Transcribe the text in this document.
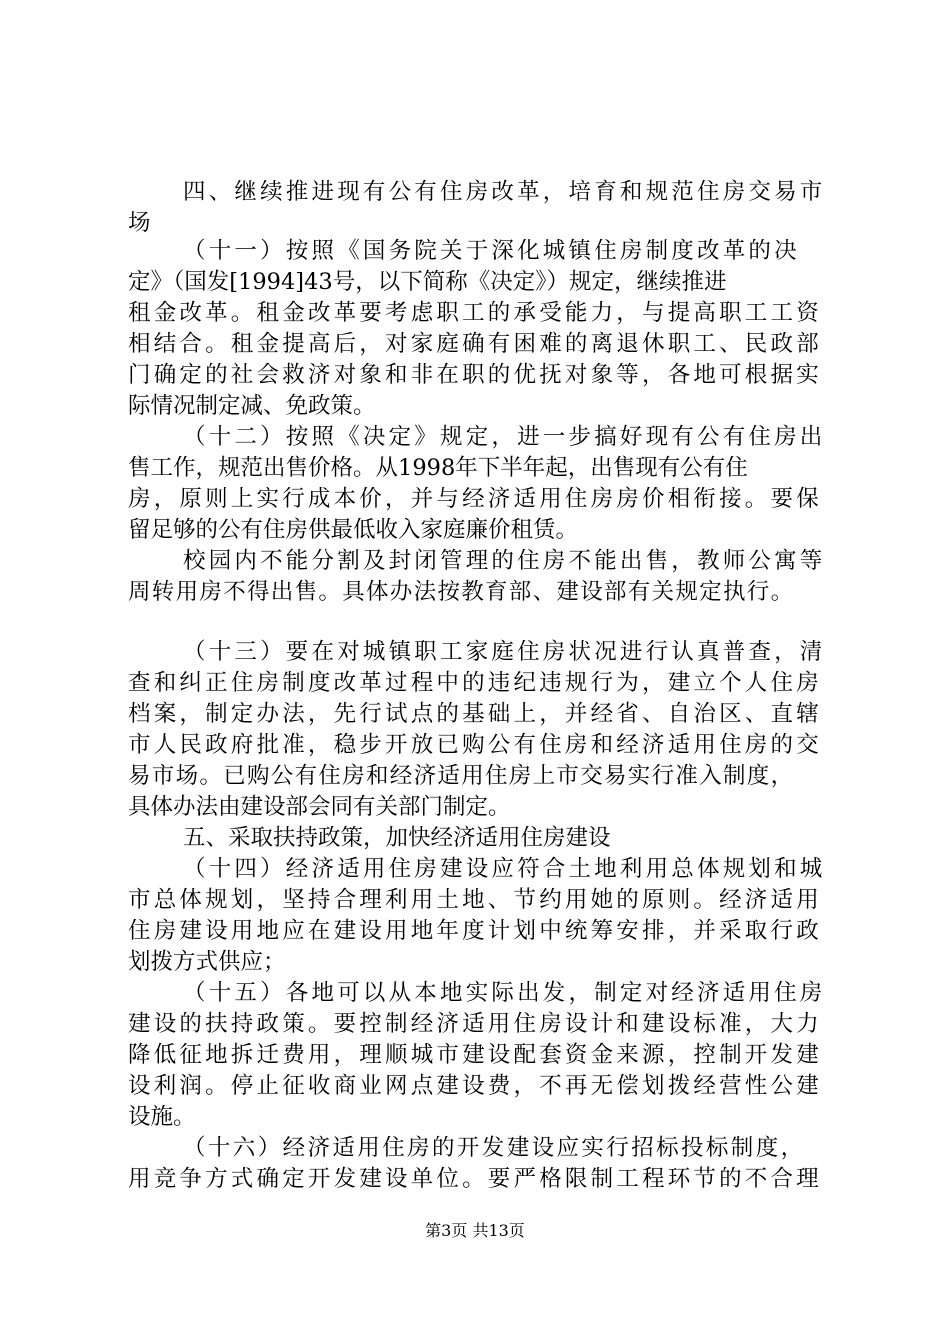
四、继续推进现有公有住房改革，培育和规范住房交易市
场
（十一）按照《国务院关于深化城镇住房制度改革的决
定》（国发[1994]43号，以下简称《决定》）规定，继续推进
租金改革。租金改革要考虑职工的承受能力，与提高职工工资
相结合。租金提高后，对家庭确有困难的离退休职工、民政部
门确定的社会救济对象和非在职的优抚对象等，各地可根据实
际情况制定减、免政策。
（十二）按照《决定》规定，进一步搞好现有公有住房出
售工作，规范出售价格。从1998年下半年起，出售现有公有住
房，原则上实行成本价，并与经济适用住房房价相衔接。要保
留足够的公有住房供最低收入家庭廉价租赁。
校园内不能分割及封闭管理的住房不能出售，教师公寓等
周转用房不得出售。具体办法按教育部、建设部有关规定执行。
（十三）要在对城镇职工家庭住房状况进行认真普查，清
查和纠正住房制度改革过程中的违纪违规行为，建立个人住房
档案，制定办法，先行试点的基础上，并经省、自治区、直辖
市人民政府批准，稳步开放已购公有住房和经济适用住房的交
易市场。已购公有住房和经济适用住房上市交易实行准入制度，
具体办法由建设部会同有关部门制定。
五、采取扶持政策，加快经济适用住房建设
（十四）经济适用住房建设应符合土地利用总体规划和城
市总体规划，坚持合理利用土地、节约用她的原则。经济适用
住房建设用地应在建设用地年度计划中统筹安排，并采取行政
划拨方式供应；
（十五）各地可以从本地实际出发，制定对经济适用住房
建设的扶持政策。要控制经济适用住房设计和建设标准，大力
降低征地拆迁费用，理顺城市建设配套资金来源，控制开发建
设利润。停止征收商业网点建设费，不再无偿划拨经营性公建
设施。
（十六）经济适用住房的开发建设应实行招标投标制度，
用竞争方式确定开发建设单位。要严格限制工程环节的不合理
第3页 共13页
